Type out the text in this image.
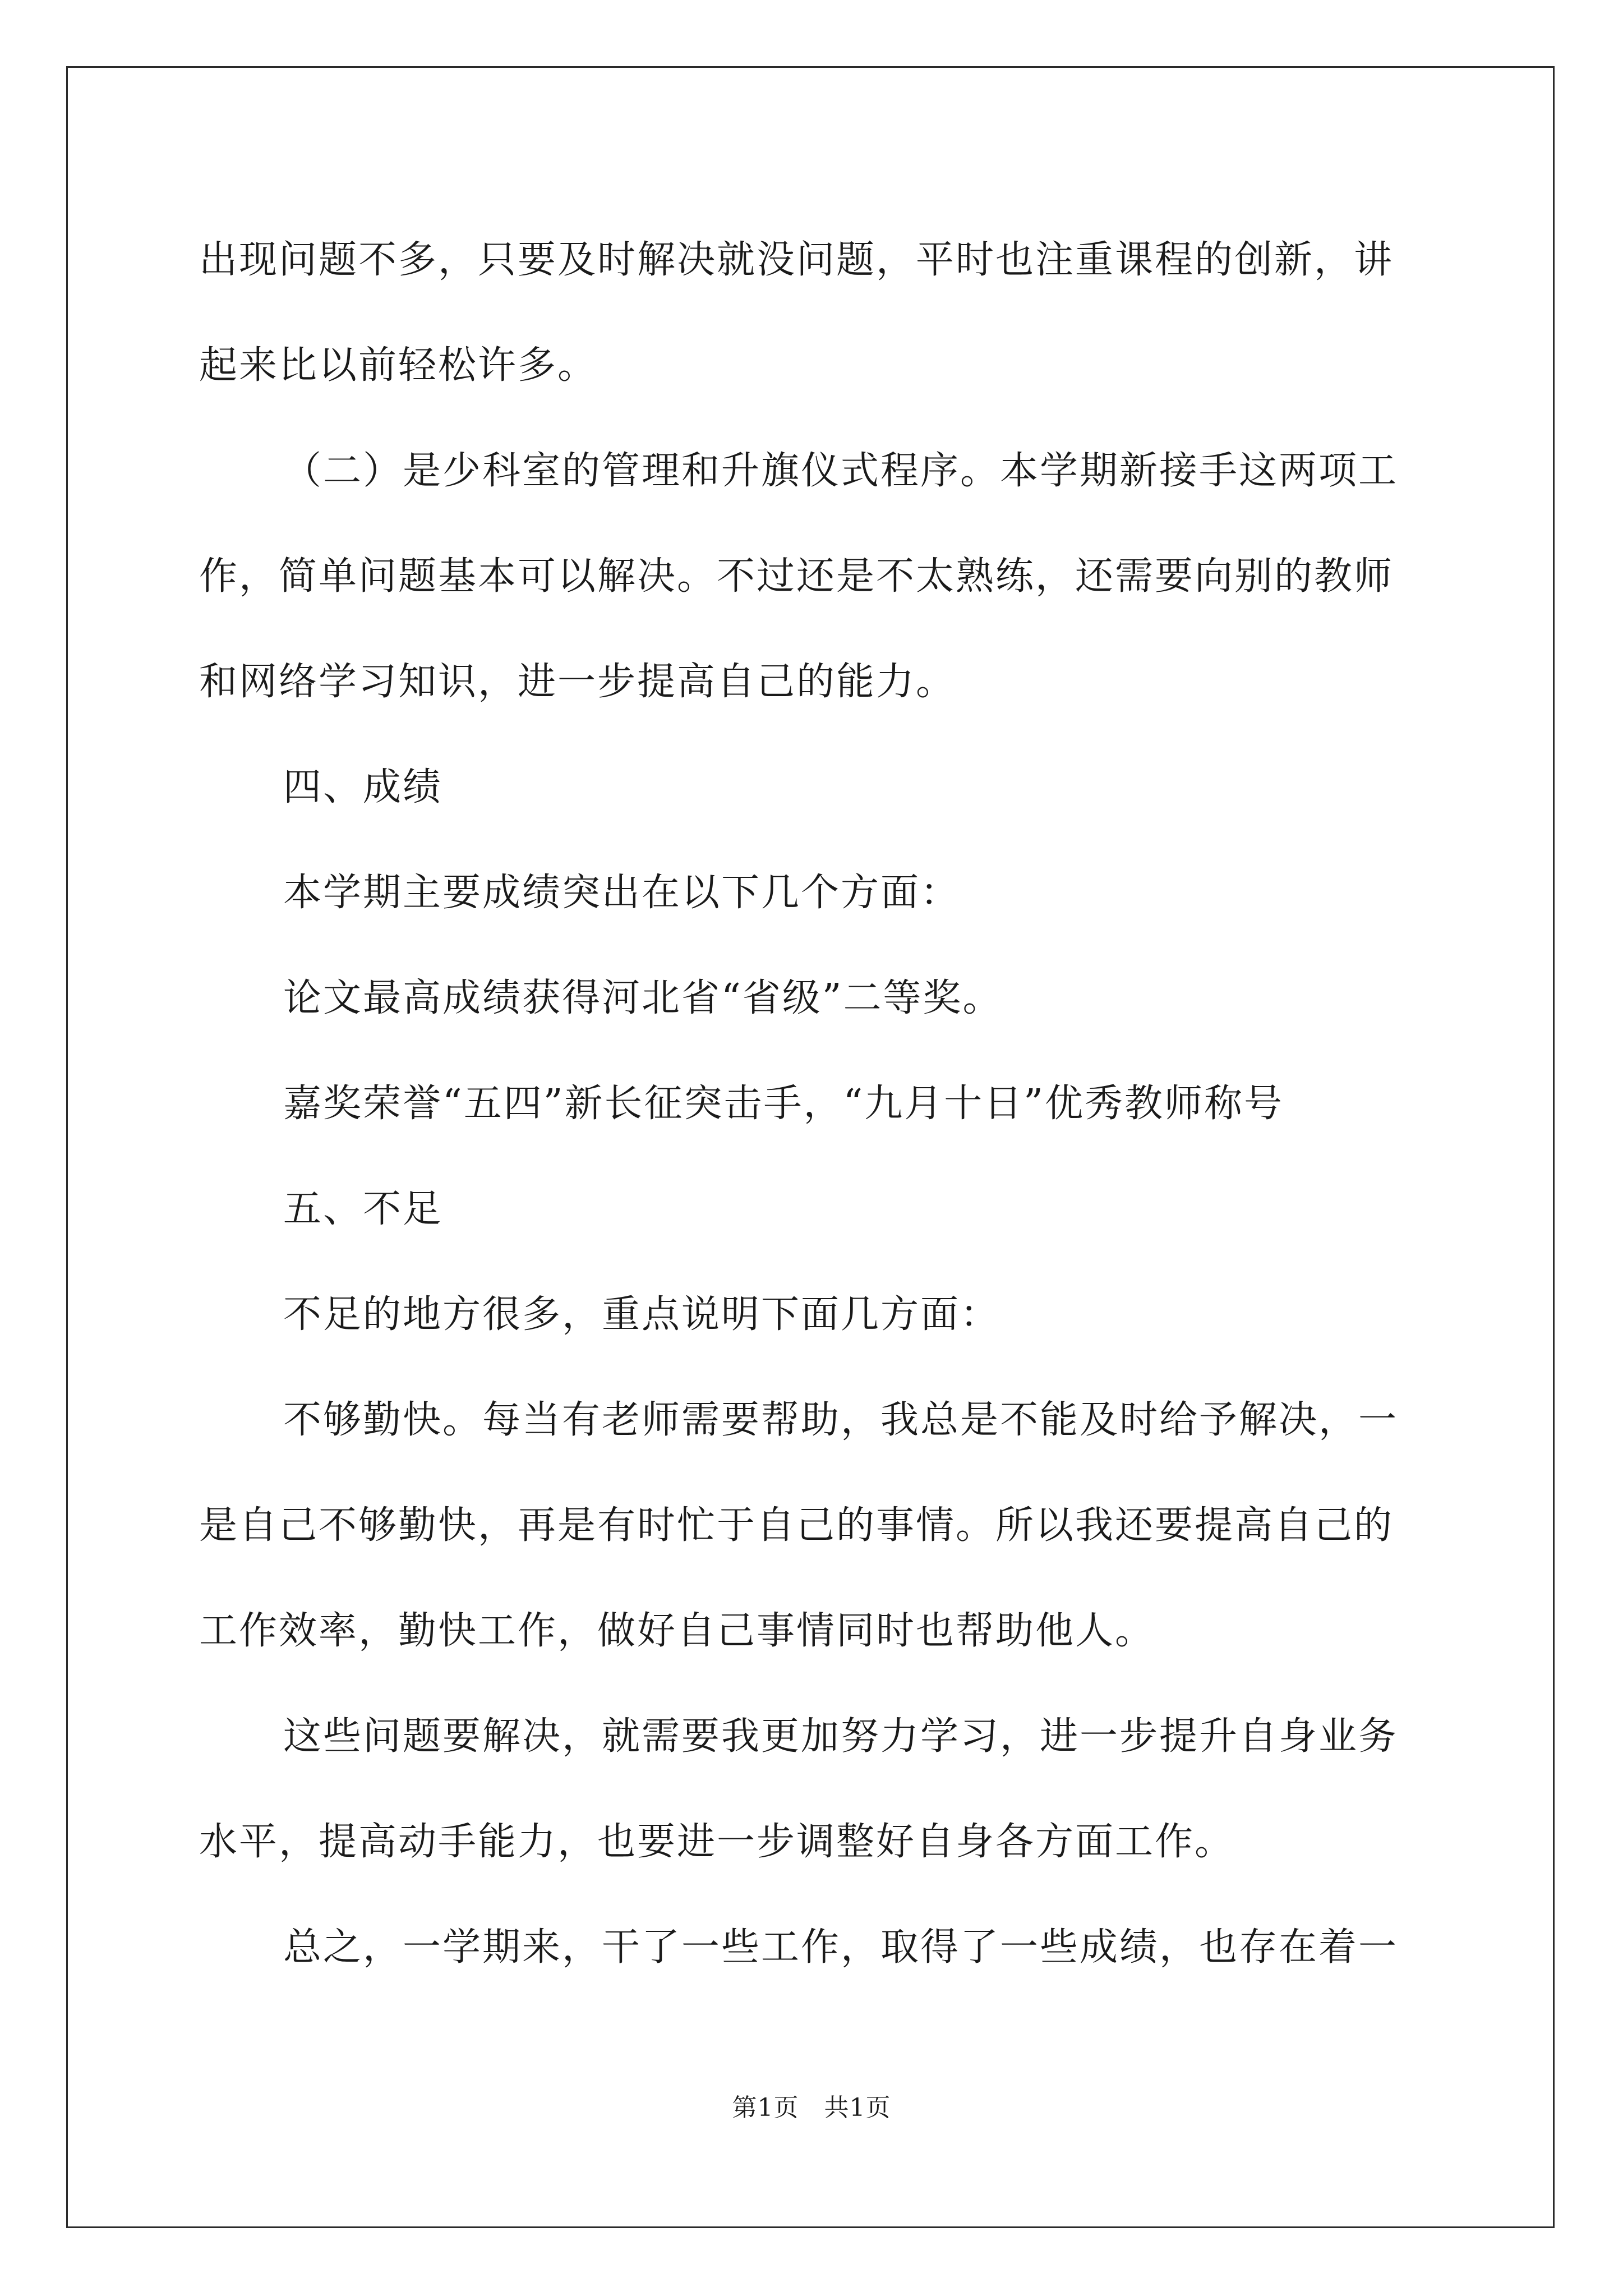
出现问题不多，只要及时解决就没问题，平时也注重课程的创新，讲

起来比以前轻松许多。

（二）是少科室的管理和升旗仪式程序。本学期新接手这两项工

作，简单问题基本可以解决。不过还是不太熟练，还需要向别的教师

和网络学习知识，进一步提高自己的能力。

四、成绩

本学期主要成绩突出在以下几个方面：

论文最高成绩获得河北省“省级”二等奖。

嘉奖荣誉“五四”新长征突击手，“九月十日”优秀教师称号

五、不足

不足的地方很多，重点说明下面几方面：

不够勤快。每当有老师需要帮助，我总是不能及时给予解决，一

是自己不够勤快，再是有时忙于自己的事情。所以我还要提高自己的

工作效率，勤快工作，做好自己事情同时也帮助他人。

这些问题要解决，就需要我更加努力学习，进一步提升自身业务

水平，提高动手能力，也要进一步调整好自身各方面工作。

总之，一学期来，干了一些工作，取得了一些成绩，也存在着一

第1页　共1页
